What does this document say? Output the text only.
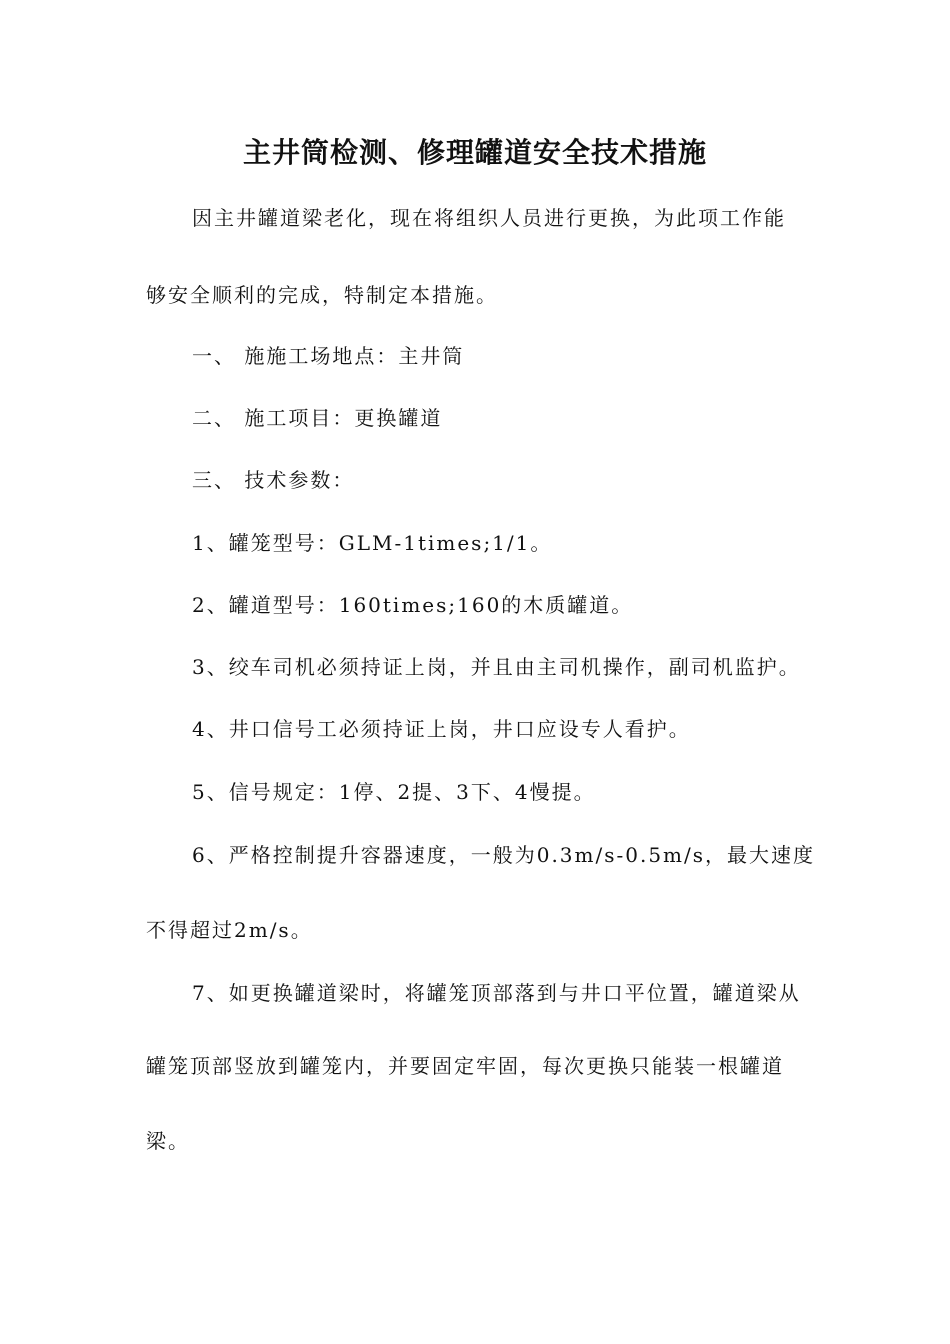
主井筒检测、修理罐道安全技术措施
因主井罐道梁老化，现在将组织人员进行更换，为此项工作能
够安全顺利的完成，特制定本措施。
一、 施施工场地点：主井筒
二、 施工项目：更换罐道
三、 技术参数：
1、罐笼型号：GLM-1times;1/1。
2、罐道型号：160times;160的木质罐道。
3、绞车司机必须持证上岗，并且由主司机操作，副司机监护。
4、井口信号工必须持证上岗，井口应设专人看护。
5、信号规定：1停、2提、3下、4慢提。
6、严格控制提升容器速度，一般为0.3m/s-0.5m/s，最大速度
不得超过2m/s。
7、如更换罐道梁时，将罐笼顶部落到与井口平位置，罐道梁从
罐笼顶部竖放到罐笼内，并要固定牢固，每次更换只能装一根罐道
梁。
